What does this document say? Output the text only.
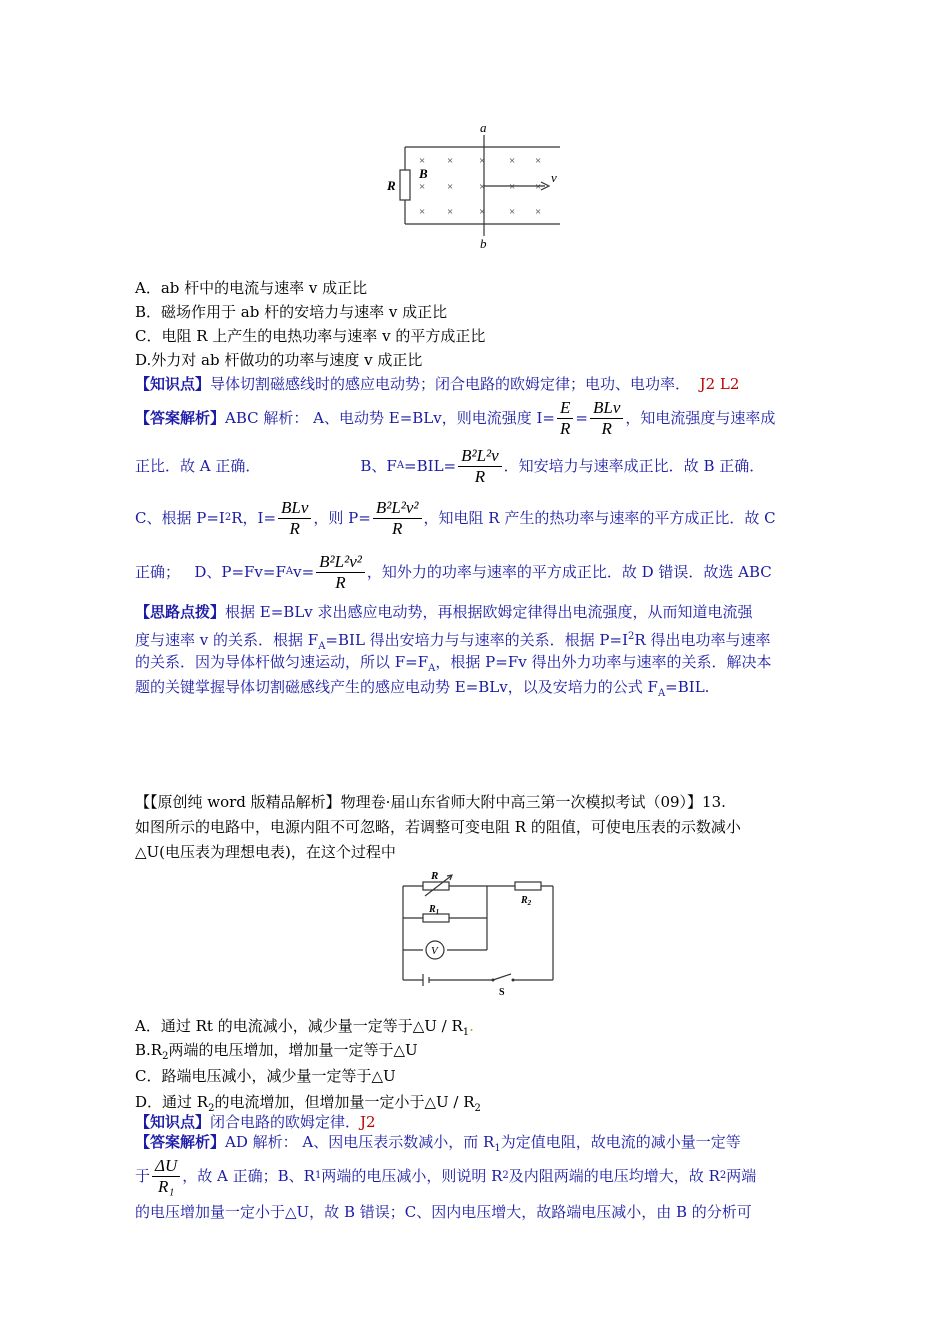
× × × × ×
× × × × ×
× × × × ×
a
b
R
B	v
A．ab 杆中的电流与速率 v 成正比
B．磁场作用于 ab 杆的安培力与速率 v 成正比
C．电阻 R 上产生的电热功率与速率 v 的平方成正比
D.外力对 ab 杆做功的功率与速度 v 成正比
【知识点】导体切割磁感线时的感应电动势；闭合电路的欧姆定律；电功、电功率． J2 L2
【答案解析】 ABC 解析： A、电动势 E=BLv，则电流强度 $I= \frac{E}{R} = \frac{\text{BLv}}{R}$ ，知电流强度与速率成
正比．故 A 正确．	B、F $A =BIL= \frac{\text{B²L²v}}{R}$ ．知安培力与速率成正比．故 B 正确．
C、根据 P=I 2 R，$I= \frac{\text{BLv}}{R}$ ，则 $P= \frac{\text{B²L²v²}}{R}$ ，知电阻 R 产生的热功率与速率的平方成正比．故 C
正确；
D、P=Fv=F A $v= \frac{\text{B²L²v²}}{R}$ ，知外力的功率与速率的平方成正比．故 D 错误．故选 ABC
【思路点拨】根据 E=BLv 求出感应电动势，再根据欧姆定律得出电流强度，从而知道电流强
度与速率 v 的关系．根据 $F_A=BIL$ 得出安培力与与速率的关系．根据 $P=I^2R$ 得出电功率与速率
的关系．因为导体杆做匀速运动，所以 $F=F_A$，根据 P=Fv 得出外力功率与速率的关系．解决本
题的关键掌握导体切割磁感线产生的感应电动势 E=BLv，以及安培力的公式 $F_A=BIL$.
【【原创纯 word 版精品解析】物理卷·届山东省师大附中高三第一次模拟考试（09）】13.
如图所示的电路中，电源内阻不可忽略，若调整可变电阻 R 的阻值，可使电压表的示数减小
△U(电压表为理想电表)，在这个过程中
R
$R_1$
$R_2$
V
S
A．通过 Rt 的电流减小，减少量一定等于△U / $R_1$.
$B.R_2$两端的电压增加，增加量一定等于△U
C．路端电压减小，减少量一定等于△U
D．通过 $R_2$的电流增加，但增加量一定小于△U / $R_2$
【知识点】闭合电路的欧姆定律．J2
【答案解析】AD 解析： A、因电压表示数减小，而 $R_1$为定值电阻，故电流的减小量一定等
于 $\frac{\Delta U}{\text{R₁}}$ ，故 A 正确；B、R 1 两端的电压减小，则说明 R 2 及内阻两端的电压均增大，故 R 2 两端
的电压增加量一定小于△U，故 B 错误；C、因内电压增大，故路端电压减小，由 B 的分析可
